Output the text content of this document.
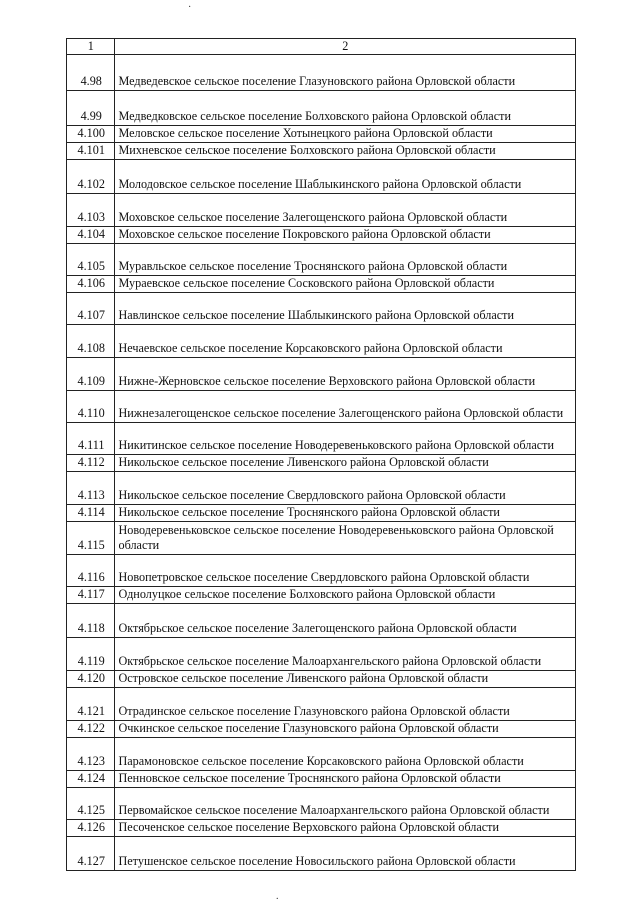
·
1	2
4.98	Медведевское сельское поселение Глазуновского района Орловской области
4.99	Медведковское сельское поселение Болховского района Орловской области
4.100	Меловское сельское поселение Хотынецкого района Орловской области
4.101	Михневское сельское поселение Болховского района Орловской области
4.102	Молодовское сельское поселение Шаблыкинского района Орловской области
4.103	Моховское сельское поселение Залегощенского района Орловской области
4.104	Моховское сельское поселение Покровского района Орловской области
4.105	Муравльское сельское поселение Троснянского района Орловской области
4.106	Мураевское сельское поселение Сосковского района Орловской области
4.107	Навлинское сельское поселение Шаблыкинского района Орловской области
4.108	Нечаевское сельское поселение Корсаковского района Орловской области
4.109	Нижне-Жерновское сельское поселение Верховского района Орловской области
4.110	Нижнезалегощенское сельское поселение Залегощенского района Орловской области
4.111	Никитинское сельское поселение Новодеревеньковского района Орловской области
4.112	Никольское сельское поселение Ливенского района Орловской области
4.113	Никольское сельское поселение Свердловского района Орловской области
4.114	Никольское сельское поселение Троснянского района Орловской области
4.115	Новодеревеньковское сельское поселение Новодеревеньковского района Орловской области
4.116	Новопетровское сельское поселение Свердловского района Орловской области
4.117	Однолуцкое сельское поселение Болховского района Орловской области
4.118	Октябрьское сельское поселение Залегощенского района Орловской области
4.119	Октябрьское сельское поселение Малоархангельского района Орловской области
4.120	Островское сельское поселение Ливенского района Орловской области
4.121	Отрадинское сельское поселение Глазуновского района Орловской области
4.122	Очкинское сельское поселение Глазуновского района Орловской области
4.123	Парамоновское сельское поселение Корсаковского района Орловской области
4.124	Пенновское сельское поселение Троснянского района Орловской области
4.125	Первомайское сельское поселение Малоархангельского района Орловской области
4.126	Песоченское сельское поселение Верховского района Орловской области
4.127	Петушенское сельское поселение Новосильского района Орловской области
.
